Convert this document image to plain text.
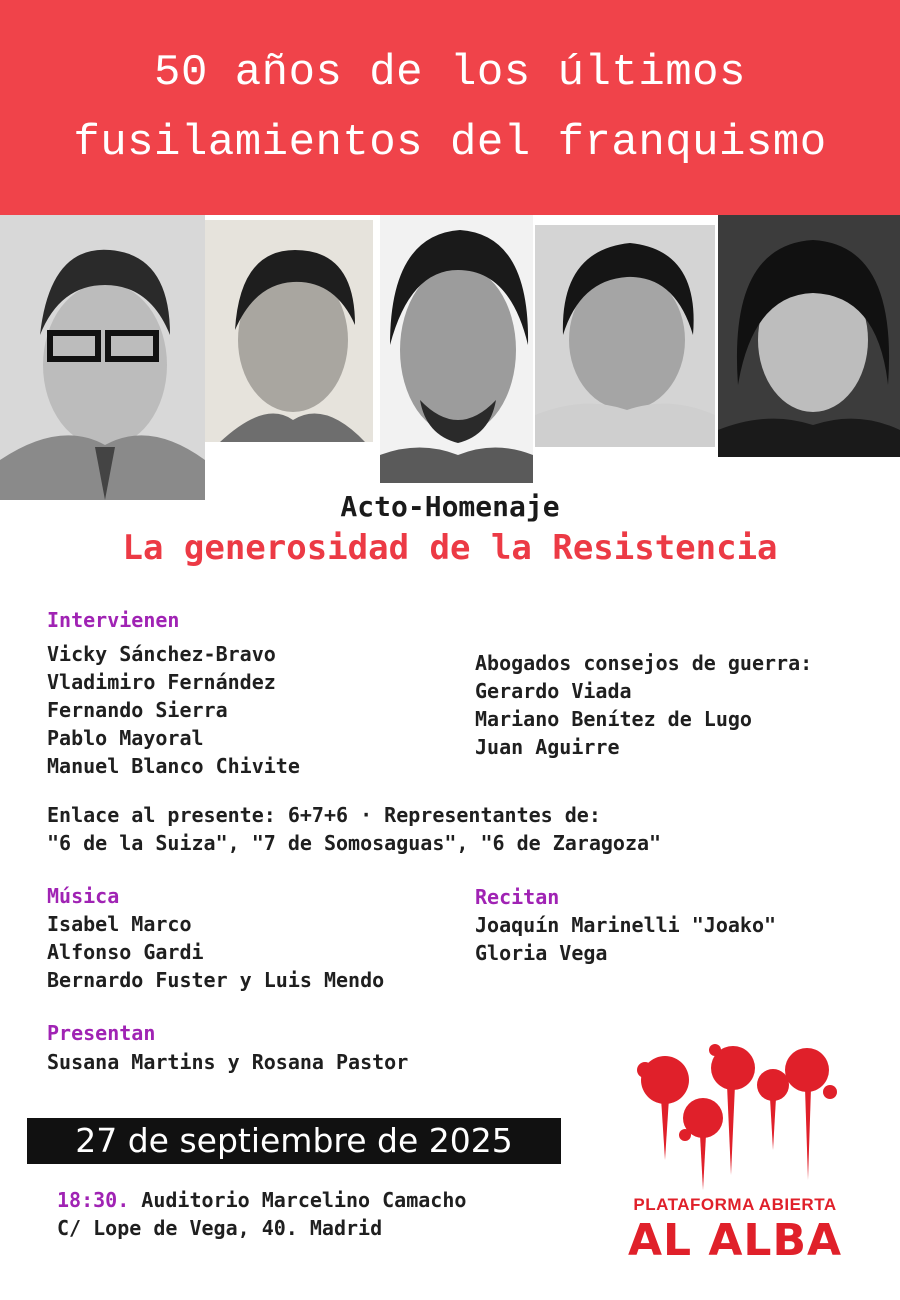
50 años de los últimos
fusilamientos del franquismo
Acto-Homenaje
La generosidad de la Resistencia
Intervienen
Vicky Sánchez-Bravo
Vladimiro Fernández
Fernando Sierra
Pablo Mayoral
Manuel Blanco Chivite
Abogados consejos de guerra:
Gerardo Viada
Mariano Benítez de Lugo
Juan Aguirre
Enlace al presente: 6+7+6 · Representantes de:
"6 de la Suiza", "7 de Somosaguas", "6 de Zaragoza"
Música
Isabel Marco
Alfonso Gardi
Bernardo Fuster y Luis Mendo
Recitan
Joaquín Marinelli "Joako"
Gloria Vega
Presentan
Susana Martins y Rosana Pastor
27 de septiembre de 2025
18:30. Auditorio Marcelino Camacho
C/ Lope de Vega, 40. Madrid
PLATAFORMA ABIERTA
AL ALBA
